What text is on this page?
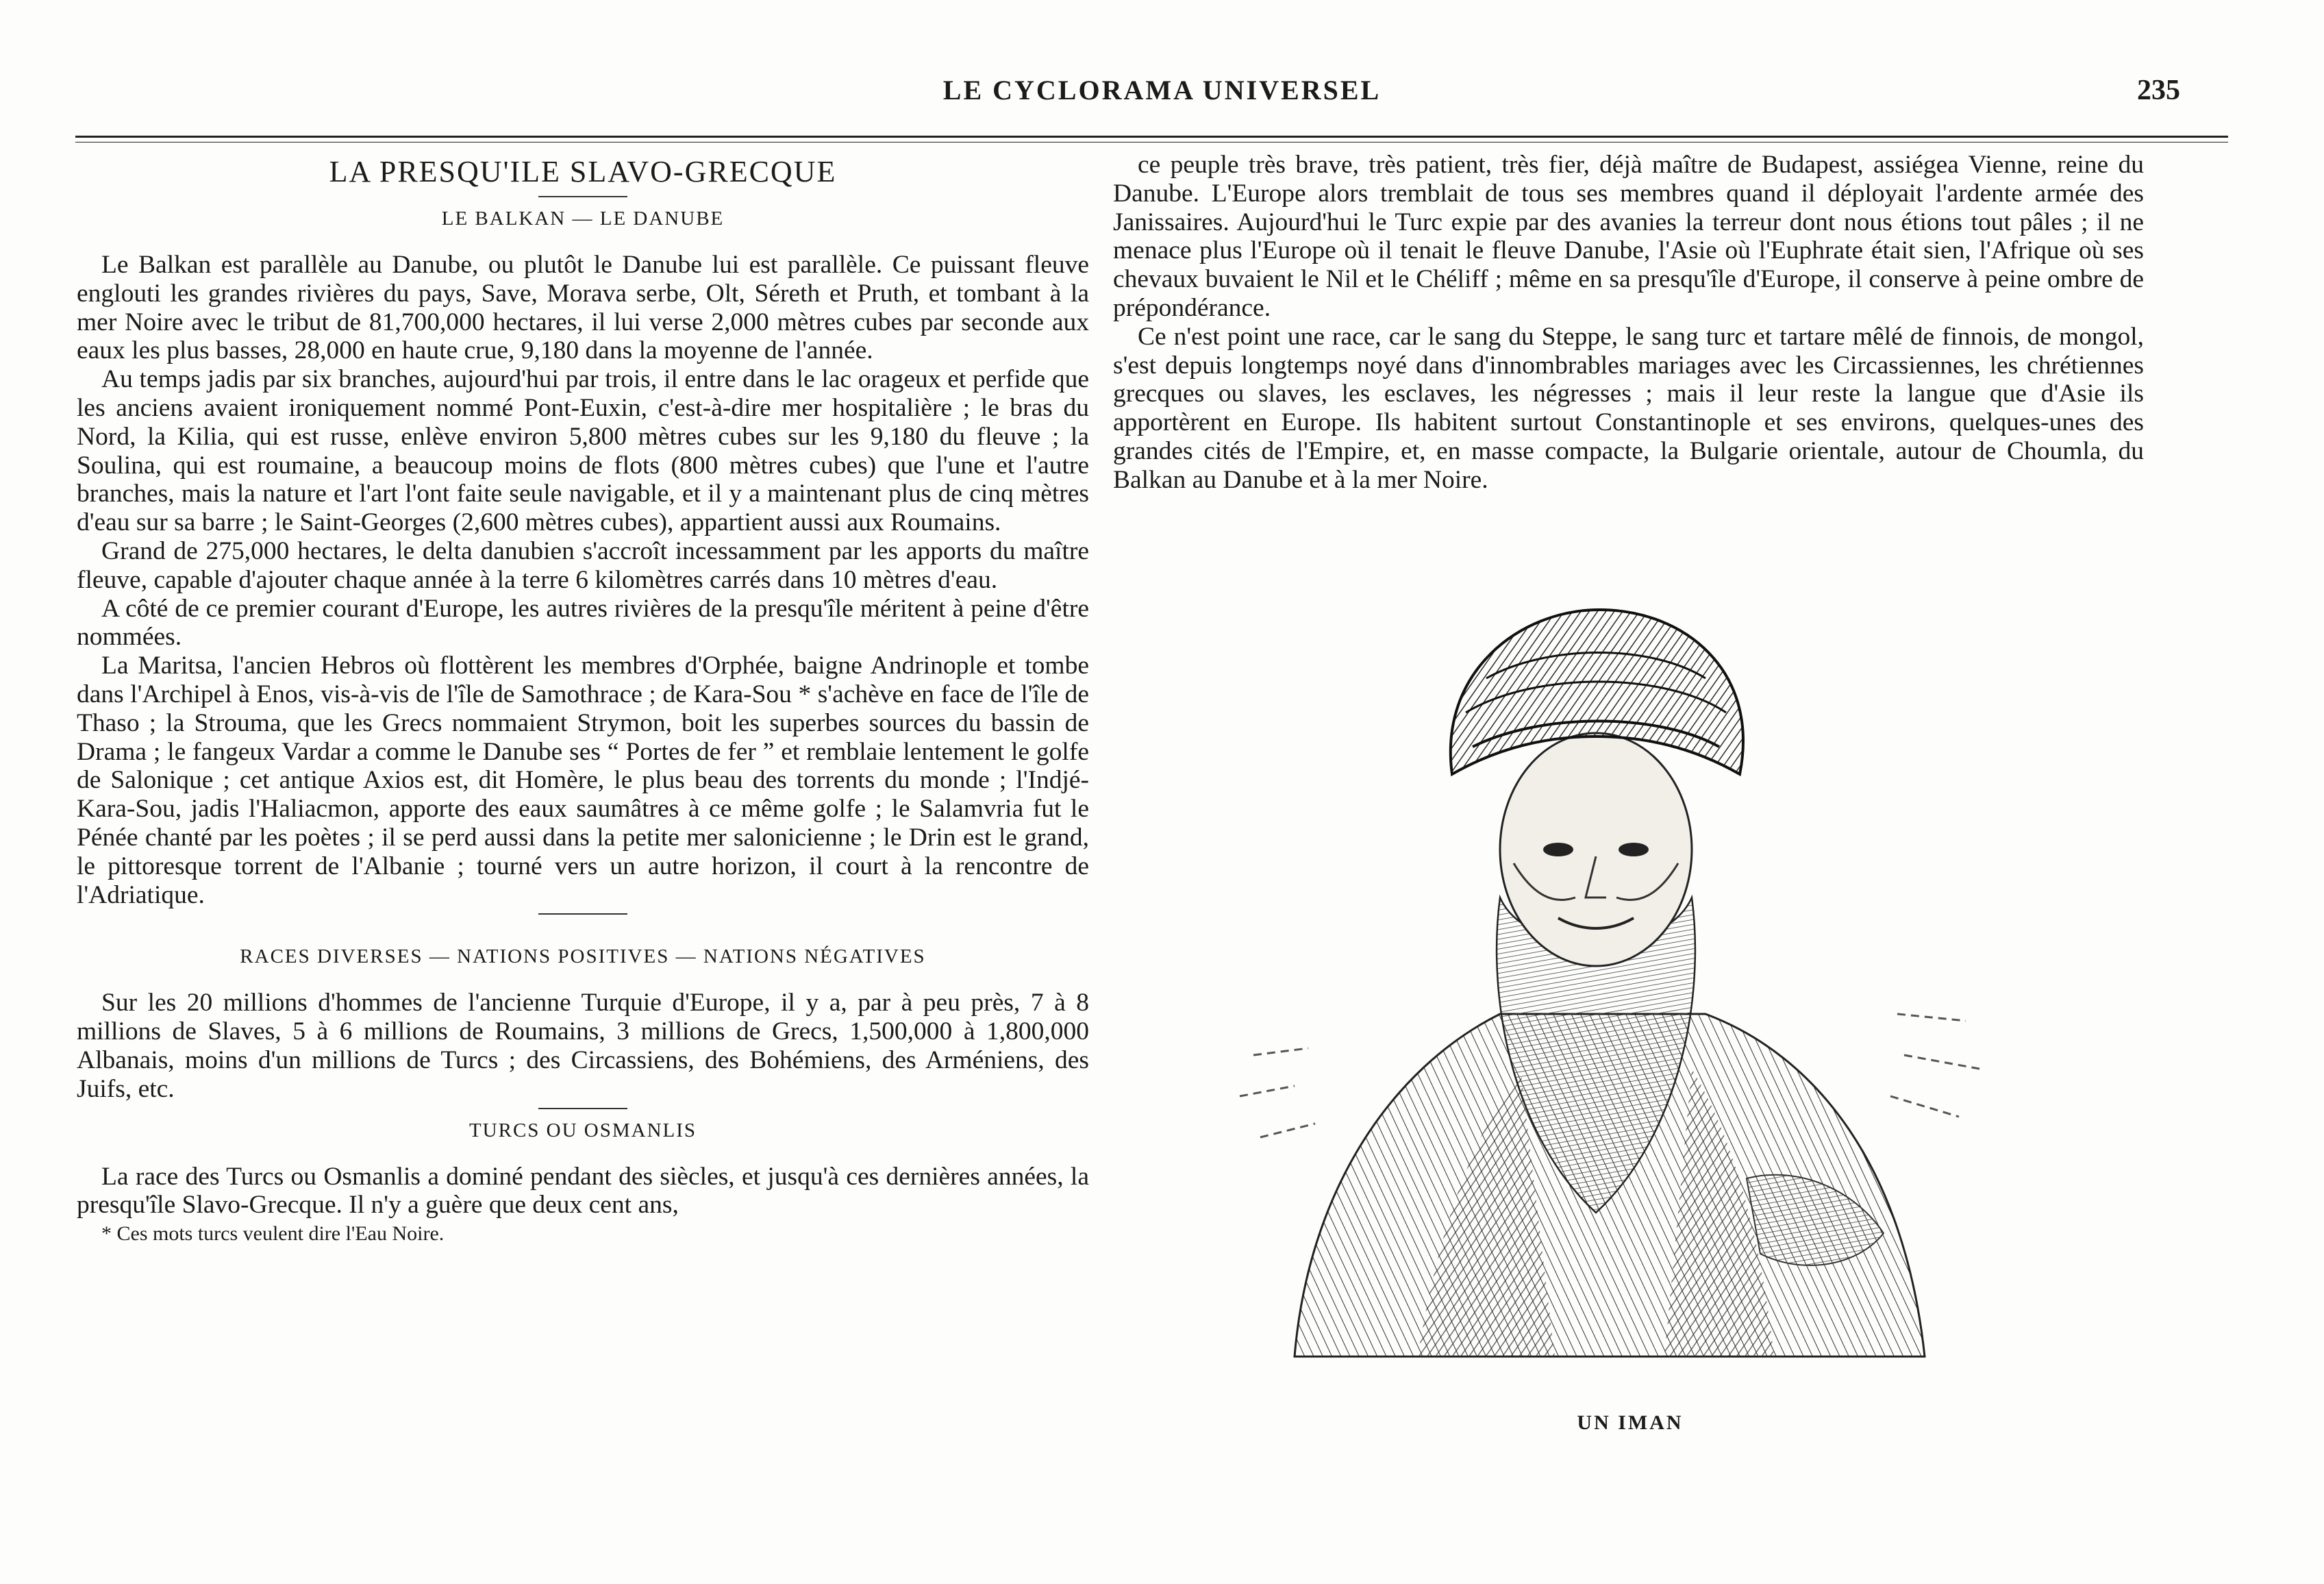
LE CYCLORAMA UNIVERSEL	235
LA PRESQU'ILE SLAVO-GRECQUE
LE BALKAN — LE DANUBE

Le Balkan est parallèle au Danube, ou plutôt le Danube lui est parallèle. Ce puissant fleuve englouti les grandes rivières du pays, Save, Morava serbe, Olt, Séreth et Pruth, et tombant à la mer Noire avec le tribut de 81,700,000 hectares, il lui verse 2,000 mètres cubes par seconde aux eaux les plus basses, 28,000 en haute crue, 9,180 dans la moyenne de l'année.

Au temps jadis par six branches, aujourd'hui par trois, il entre dans le lac orageux et perfide que les anciens avaient ironiquement nommé Pont-Euxin, c'est-à-dire mer hospitalière ; le bras du Nord, la Kilia, qui est russe, enlève environ 5,800 mètres cubes sur les 9,180 du fleuve ; la Soulina, qui est roumaine, a beaucoup moins de flots (800 mètres cubes) que l'une et l'autre branches, mais la nature et l'art l'ont faite seule navigable, et il y a maintenant plus de cinq mètres d'eau sur sa barre ; le Saint-Georges (2,600 mètres cubes), appartient aussi aux Roumains.

Grand de 275,000 hectares, le delta danubien s'accroît incessamment par les apports du maître fleuve, capable d'ajouter chaque année à la terre 6 kilomètres carrés dans 10 mètres d'eau.

A côté de ce premier courant d'Europe, les autres rivières de la presqu'île méritent à peine d'être nommées.

La Maritsa, l'ancien Hebros où flottèrent les membres d'Orphée, baigne Andrinople et tombe dans l'Archipel à Enos, vis-à-vis de l'île de Samothrace ; de Kara-Sou * s'achève en face de l'île de Thaso ; la Strouma, que les Grecs nommaient Strymon, boit les superbes sources du bassin de Drama ; le fangeux Vardar a comme le Danube ses “ Portes de fer ” et remblaie lentement le golfe de Salonique ; cet antique Axios est, dit Homère, le plus beau des torrents du monde ; l'Indjé-Kara-Sou, jadis l'Haliacmon, apporte des eaux saumâtres à ce même golfe ; le Salamvria fut le Pénée chanté par les poètes ; il se perd aussi dans la petite mer salonicienne ; le Drin est le grand, le pittoresque torrent de l'Albanie ; tourné vers un autre horizon, il court à la rencontre de l'Adriatique.

RACES DIVERSES — NATIONS POSITIVES — NATIONS NÉGATIVES

Sur les 20 millions d'hommes de l'ancienne Turquie d'Europe, il y a, par à peu près, 7 à 8 millions de Slaves, 5 à 6 millions de Roumains, 3 millions de Grecs, 1,500,000 à 1,800,000 Albanais, moins d'un millions de Turcs ; des Circassiens, des Bohémiens, des Arméniens, des Juifs, etc.

TURCS OU OSMANLIS

La race des Turcs ou Osmanlis a dominé pendant des siècles, et jusqu'à ces dernières années, la presqu'île Slavo-Grecque. Il n'y a guère que deux cent ans,

* Ces mots turcs veulent dire l'Eau Noire.

ce peuple très brave, très patient, très fier, déjà maître de Budapest, assiégea Vienne, reine du Danube. L'Europe alors tremblait de tous ses membres quand il déployait l'ardente armée des Janissaires. Aujourd'hui le Turc expie par des avanies la terreur dont nous étions tout pâles ; il ne menace plus l'Europe où il tenait le fleuve Danube, l'Asie où l'Euphrate était sien, l'Afrique où ses chevaux buvaient le Nil et le Chéliff ; même en sa presqu'île d'Europe, il conserve à peine ombre de prépondérance.

Ce n'est point une race, car le sang du Steppe, le sang turc et tartare mêlé de finnois, de mongol, s'est depuis longtemps noyé dans d'innombrables mariages avec les Circassiennes, les chrétiennes grecques ou slaves, les esclaves, les négresses ; mais il leur reste la langue que d'Asie ils apportèrent en Europe. Ils habitent surtout Constantinople et ses environs, quelques-unes des grandes cités de l'Empire, et, en masse compacte, la Bulgarie orientale, autour de Choumla, du Balkan au Danube et à la mer Noire.

UN IMAN
